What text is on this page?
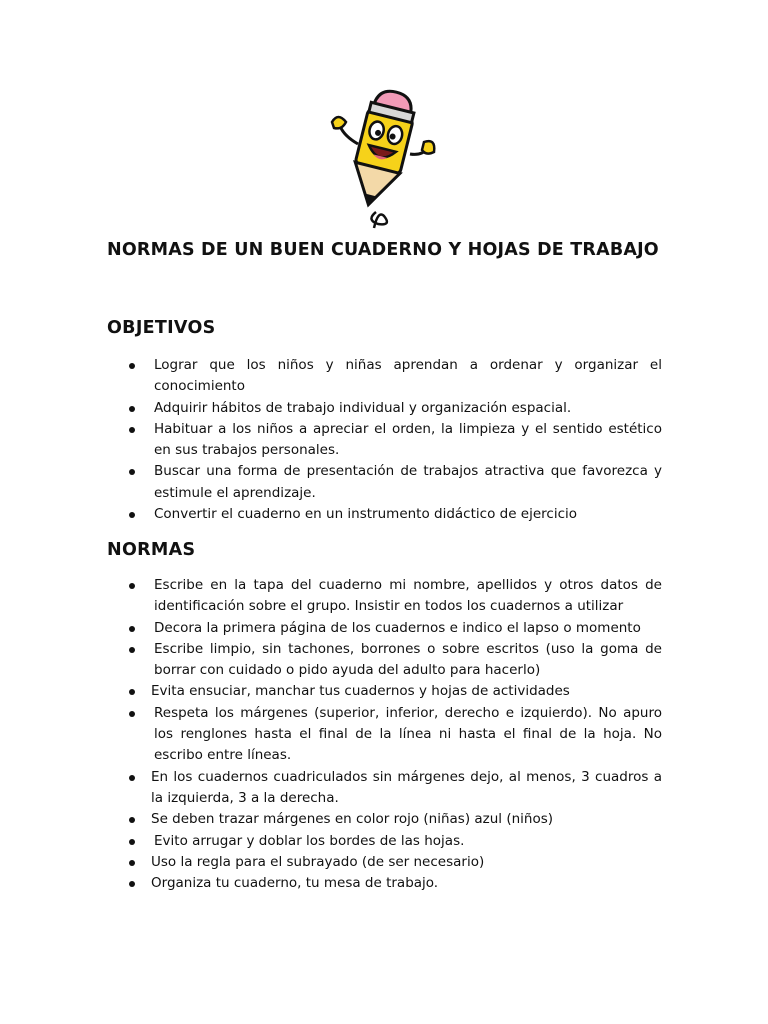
NORMAS DE UN BUEN CUADERNO Y HOJAS DE TRABAJO
OBJETIVOS
Lograr que los niños y niñas aprendan a ordenar y organizar el conocimiento
Adquirir hábitos de trabajo individual y organización espacial.
Habituar a los niños a apreciar el orden, la limpieza y el sentido estético en sus trabajos personales.
Buscar una forma de presentación de trabajos atractiva que favorezca y estimule el aprendizaje.
Convertir el cuaderno en un instrumento didáctico de ejercicio
NORMAS
Escribe en la tapa del cuaderno mi nombre, apellidos y otros datos de identificación sobre el grupo. Insistir en todos los cuadernos a utilizar
Decora la primera página de los cuadernos e indico el lapso o momento
Escribe limpio, sin tachones, borrones o sobre escritos (uso la goma de borrar con cuidado o pido ayuda del adulto para hacerlo)
Evita ensuciar, manchar tus cuadernos y hojas de actividades
Respeta los márgenes (superior, inferior, derecho e izquierdo). No apuro los renglones hasta el final de la línea ni hasta el final de la hoja. No escribo entre líneas.
En los cuadernos cuadriculados sin márgenes dejo, al menos, 3 cuadros a la izquierda, 3 a la derecha.
Se deben trazar márgenes en color rojo (niñas) azul (niños)
Evito arrugar y doblar los bordes de las hojas.
Uso la regla para el subrayado (de ser necesario)
Organiza tu cuaderno, tu mesa de trabajo.
